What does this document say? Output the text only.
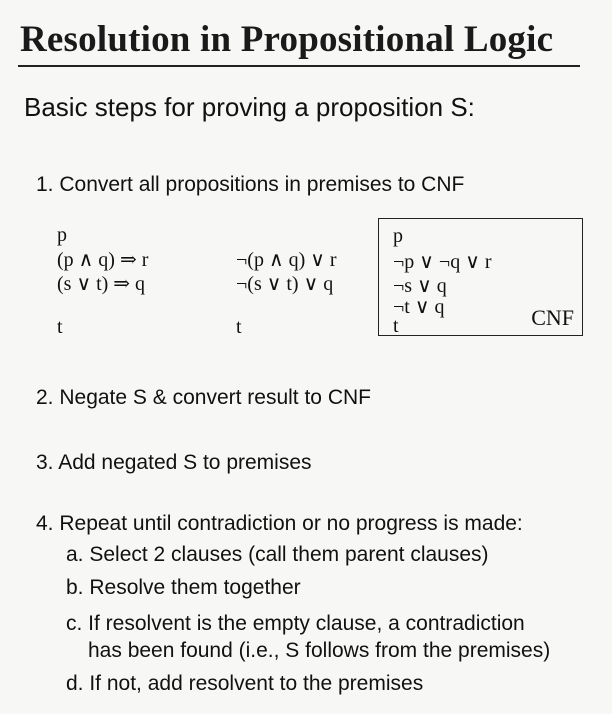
Resolution in Propositional Logic
Basic steps for proving a proposition S:
1. Convert all propositions in premises to CNF
p
(p ∧ q) ⇒ r
(s ∨ t) ⇒ q
t
¬(p ∧ q) ∨ r
¬(s ∨ t) ∨ q
t
p
¬p ∨ ¬q ∨ r
¬s ∨ q
¬t ∨ q
t	CNF
2. Negate S & convert result to CNF
3. Add negated S to premises
4. Repeat until contradiction or no progress is made:
a. Select 2 clauses (call them parent clauses)
b. Resolve them together
c. If resolvent is the empty clause, a contradiction
has been found (i.e., S follows from the premises)
d. If not, add resolvent to the premises
